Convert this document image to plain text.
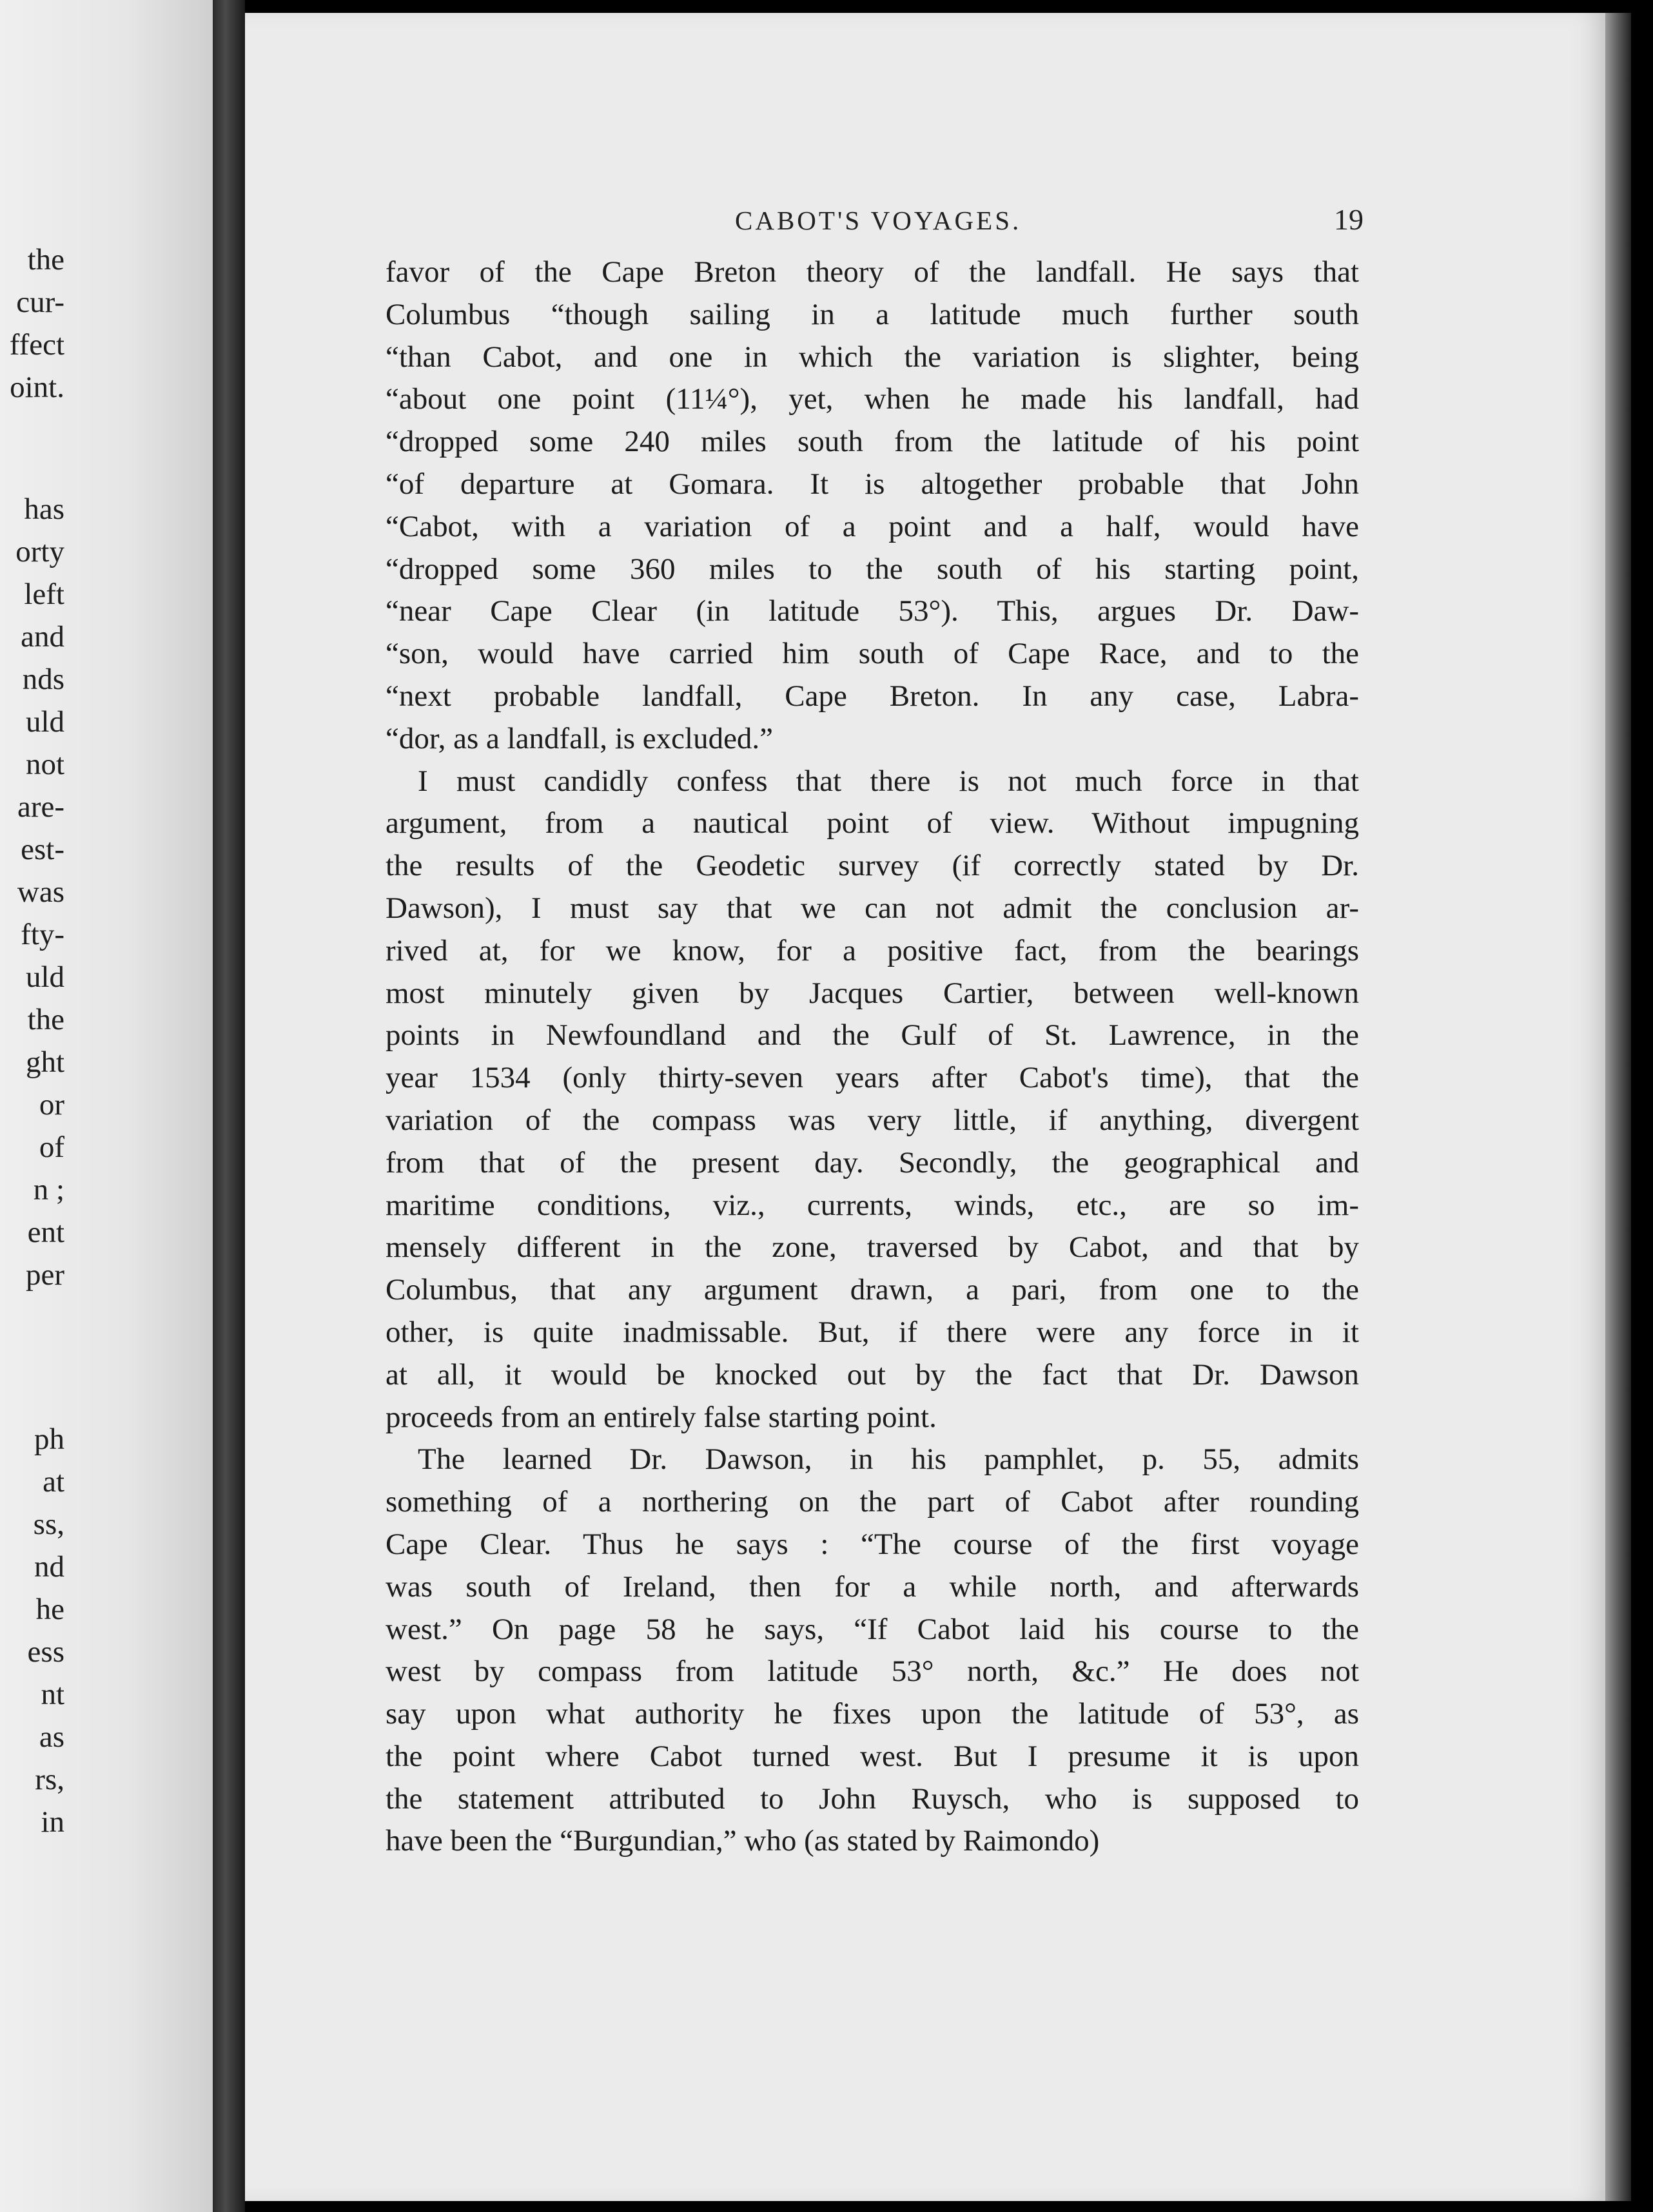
the
cur-
ffect
oint.
has
orty
left
and
nds
uld
not
are-
est-
was
fty-
uld
the
ght
or
of
n ;
ent
per
ph
at
ss,
nd
he
ess
nt
as
rs,
in
CABOT'S VOYAGES.	19
favor of the Cape Breton theory of the landfall. He says that
Columbus “though sailing in a latitude much further south
“than Cabot, and one in which the variation is slighter, being
“about one point (11¼°), yet, when he made his landfall, had
“dropped some 240 miles south from the latitude of his point
“of departure at Gomara. It is altogether probable that John
“Cabot, with a variation of a point and a half, would have
“dropped some 360 miles to the south of his starting point,
“near Cape Clear (in latitude 53°). This, argues Dr. Daw-
“son, would have carried him south of Cape Race, and to the
“next probable landfall, Cape Breton. In any case, Labra-
“dor, as a landfall, is excluded.”
I must candidly confess that there is not much force in that
argument, from a nautical point of view. Without impugning
the results of the Geodetic survey (if correctly stated by Dr.
Dawson), I must say that we can not admit the conclusion ar-
rived at, for we know, for a positive fact, from the bearings
most minutely given by Jacques Cartier, between well-known
points in Newfoundland and the Gulf of St. Lawrence, in the
year 1534 (only thirty-seven years after Cabot's time), that the
variation of the compass was very little, if anything, divergent
from that of the present day. Secondly, the geographical and
maritime conditions, viz., currents, winds, etc., are so im-
mensely different in the zone, traversed by Cabot, and that by
Columbus, that any argument drawn, a pari, from one to the
other, is quite inadmissable. But, if there were any force in it
at all, it would be knocked out by the fact that Dr. Dawson
proceeds from an entirely false starting point.
The learned Dr. Dawson, in his pamphlet, p. 55, admits
something of a northering on the part of Cabot after rounding
Cape Clear. Thus he says : “The course of the first voyage
was south of Ireland, then for a while north, and afterwards
west.” On page 58 he says, “If Cabot laid his course to the
west by compass from latitude 53° north, &c.” He does not
say upon what authority he fixes upon the latitude of 53°, as
the point where Cabot turned west. But I presume it is upon
the statement attributed to John Ruysch, who is supposed to
have been the “Burgundian,” who (as stated by Raimondo)
